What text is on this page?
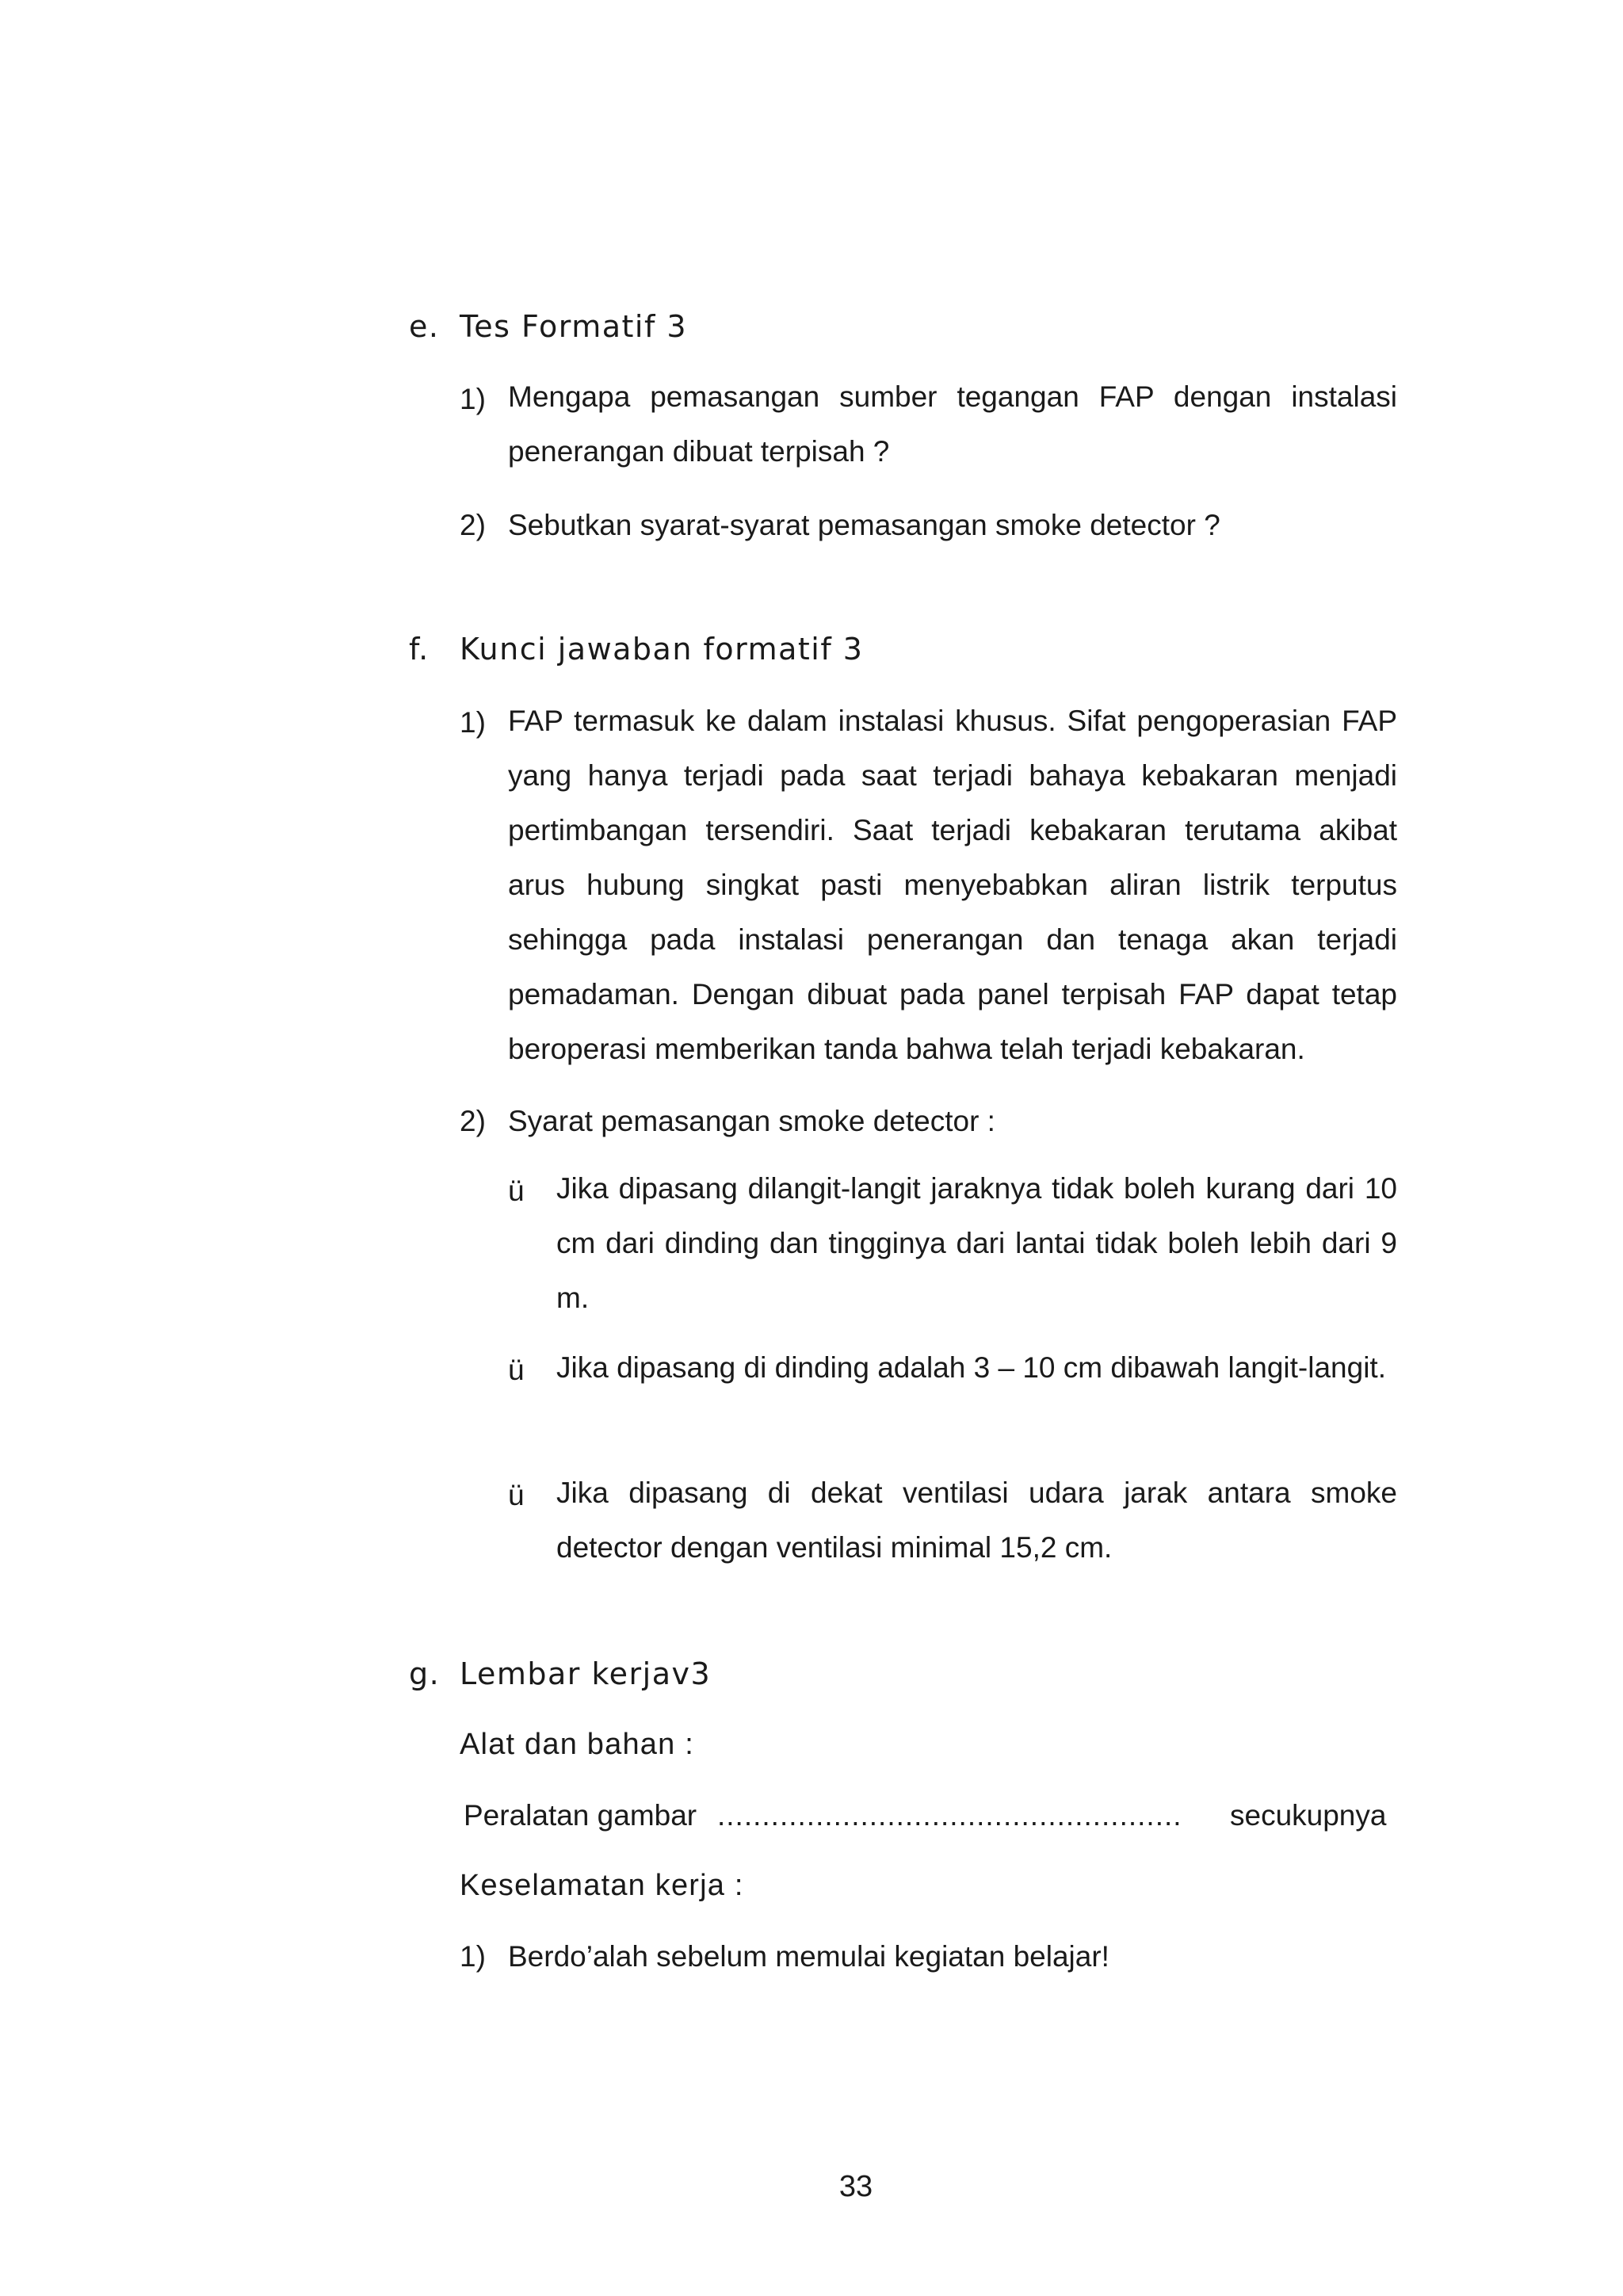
e. Tes Formatif 3
1) Mengapa pemasangan sumber tegangan FAP dengan instalasi penerangan dibuat terpisah ?

2) Sebutkan syarat-syarat pemasangan smoke detector ?
f. Kunci jawaban formatif 3
1) FAP termasuk ke dalam instalasi khusus. Sifat pengoperasian FAP yang hanya terjadi pada saat terjadi bahaya kebakaran menjadi pertimbangan tersendiri. Saat terjadi kebakaran terutama akibat arus hubung singkat pasti menyebabkan aliran listrik terputus sehingga pada instalasi penerangan dan tenaga akan terjadi pemadaman. Dengan dibuat pada panel terpisah FAP dapat tetap beroperasi memberikan tanda bahwa telah terjadi kebakaran.

2) Syarat pemasangan smoke detector :
ü Jika dipasang dilangit-langit jaraknya tidak boleh kurang dari 10 cm dari dinding dan tingginya dari lantai tidak boleh lebih dari 9 m.

ü Jika dipasang di dinding adalah 3 – 10 cm dibawah langit-langit.

ü Jika dipasang di dekat ventilasi udara jarak antara smoke detector dengan ventilasi minimal 15,2 cm.

g. Lembar kerjav3
Alat dan bahan :
Peralatan gambar .................................................... secukupnya
Keselamatan kerja :
1) Berdo’alah sebelum memulai kegiatan belajar!
33
